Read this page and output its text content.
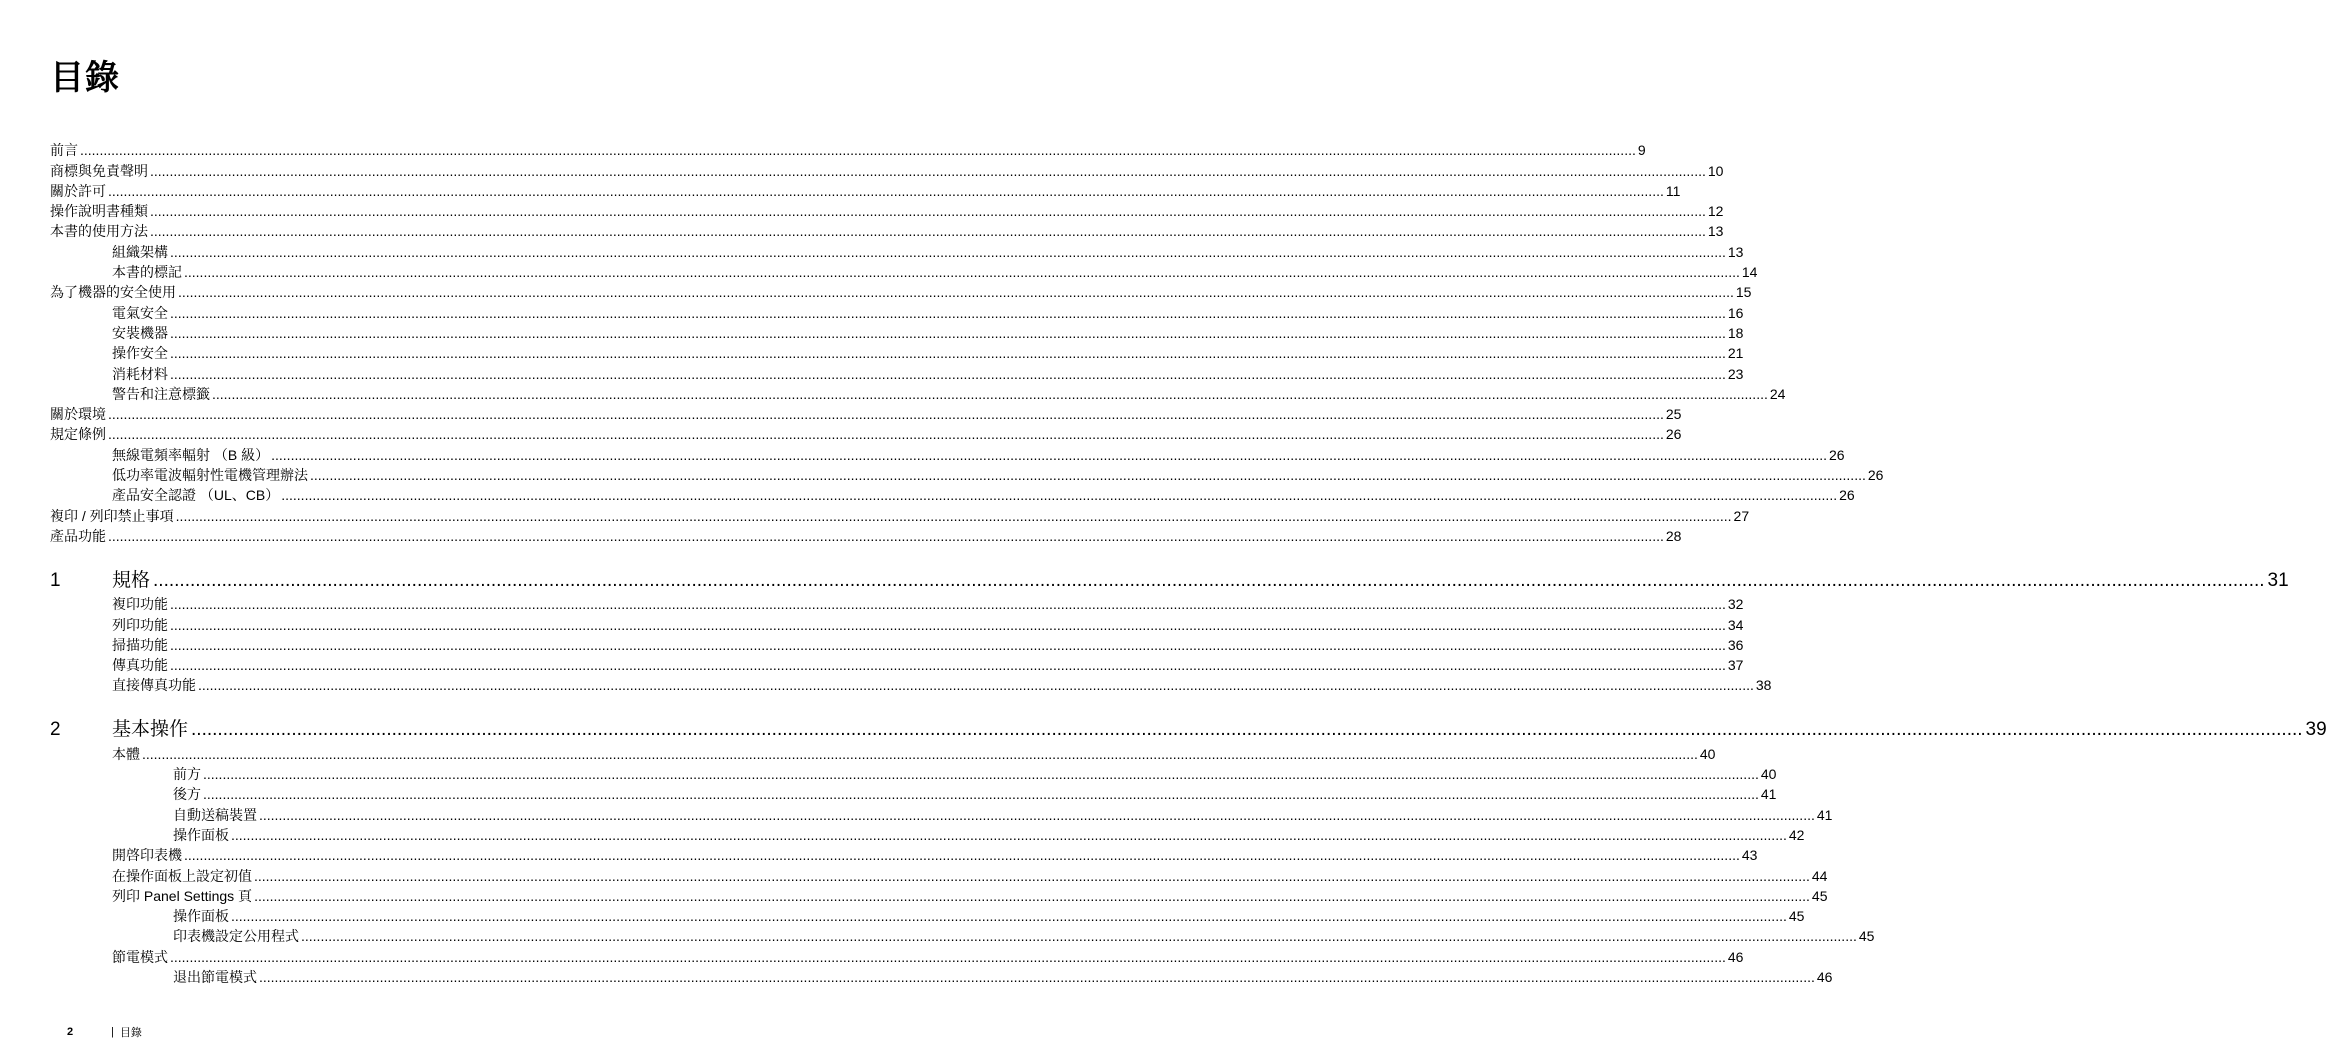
目錄
前言 ................................................................................................................................................................................................................................................................................................................................................................................................................ 9
商標與免責聲明 ................................................................................................................................................................................................................................................................................................................................................................................................................ 10
關於許可 ................................................................................................................................................................................................................................................................................................................................................................................................................ 11
操作說明書種類 ................................................................................................................................................................................................................................................................................................................................................................................................................ 12
本書的使用方法 ................................................................................................................................................................................................................................................................................................................................................................................................................ 13
組織架構 ................................................................................................................................................................................................................................................................................................................................................................................................................ 13
本書的標記 ................................................................................................................................................................................................................................................................................................................................................................................................................ 14
為了機器的安全使用 ................................................................................................................................................................................................................................................................................................................................................................................................................ 15
電氣安全 ................................................................................................................................................................................................................................................................................................................................................................................................................ 16
安裝機器 ................................................................................................................................................................................................................................................................................................................................................................................................................ 18
操作安全 ................................................................................................................................................................................................................................................................................................................................................................................................................ 21
消耗材料 ................................................................................................................................................................................................................................................................................................................................................................................................................ 23
警告和注意標籤 ................................................................................................................................................................................................................................................................................................................................................................................................................ 24
關於環境 ................................................................................................................................................................................................................................................................................................................................................................................................................ 25
規定條例 ................................................................................................................................................................................................................................................................................................................................................................................................................ 26
無線電頻率輻射 （B 級） ................................................................................................................................................................................................................................................................................................................................................................................................................ 26
低功率電波輻射性電機管理辦法 ................................................................................................................................................................................................................................................................................................................................................................................................................ 26
產品安全認證 （UL、CB） ................................................................................................................................................................................................................................................................................................................................................................................................................ 26
複印 / 列印禁止事項 ................................................................................................................................................................................................................................................................................................................................................................................................................ 27
產品功能 ................................................................................................................................................................................................................................................................................................................................................................................................................ 28
1	規格 ................................................................................................................................................................................................................................................................................................................................................................................................................ 31
複印功能 ................................................................................................................................................................................................................................................................................................................................................................................................................ 32
列印功能 ................................................................................................................................................................................................................................................................................................................................................................................................................ 34
掃描功能 ................................................................................................................................................................................................................................................................................................................................................................................................................ 36
傳真功能 ................................................................................................................................................................................................................................................................................................................................................................................................................ 37
直接傳真功能 ................................................................................................................................................................................................................................................................................................................................................................................................................ 38
2	基本操作 ................................................................................................................................................................................................................................................................................................................................................................................................................ 39
本體 ................................................................................................................................................................................................................................................................................................................................................................................................................ 40
前方 ................................................................................................................................................................................................................................................................................................................................................................................................................ 40
後方 ................................................................................................................................................................................................................................................................................................................................................................................................................ 41
自動送稿裝置 ................................................................................................................................................................................................................................................................................................................................................................................................................ 41
操作面板 ................................................................................................................................................................................................................................................................................................................................................................................................................ 42
開啓印表機 ................................................................................................................................................................................................................................................................................................................................................................................................................ 43
在操作面板上設定初值 ................................................................................................................................................................................................................................................................................................................................................................................................................ 44
列印 Panel Settings 頁 ................................................................................................................................................................................................................................................................................................................................................................................................................ 45
操作面板 ................................................................................................................................................................................................................................................................................................................................................................................................................ 45
印表機設定公用程式 ................................................................................................................................................................................................................................................................................................................................................................................................................ 45
節電模式 ................................................................................................................................................................................................................................................................................................................................................................................................................ 46
退出節電模式 ................................................................................................................................................................................................................................................................................................................................................................................................................ 46
2	| 目錄
